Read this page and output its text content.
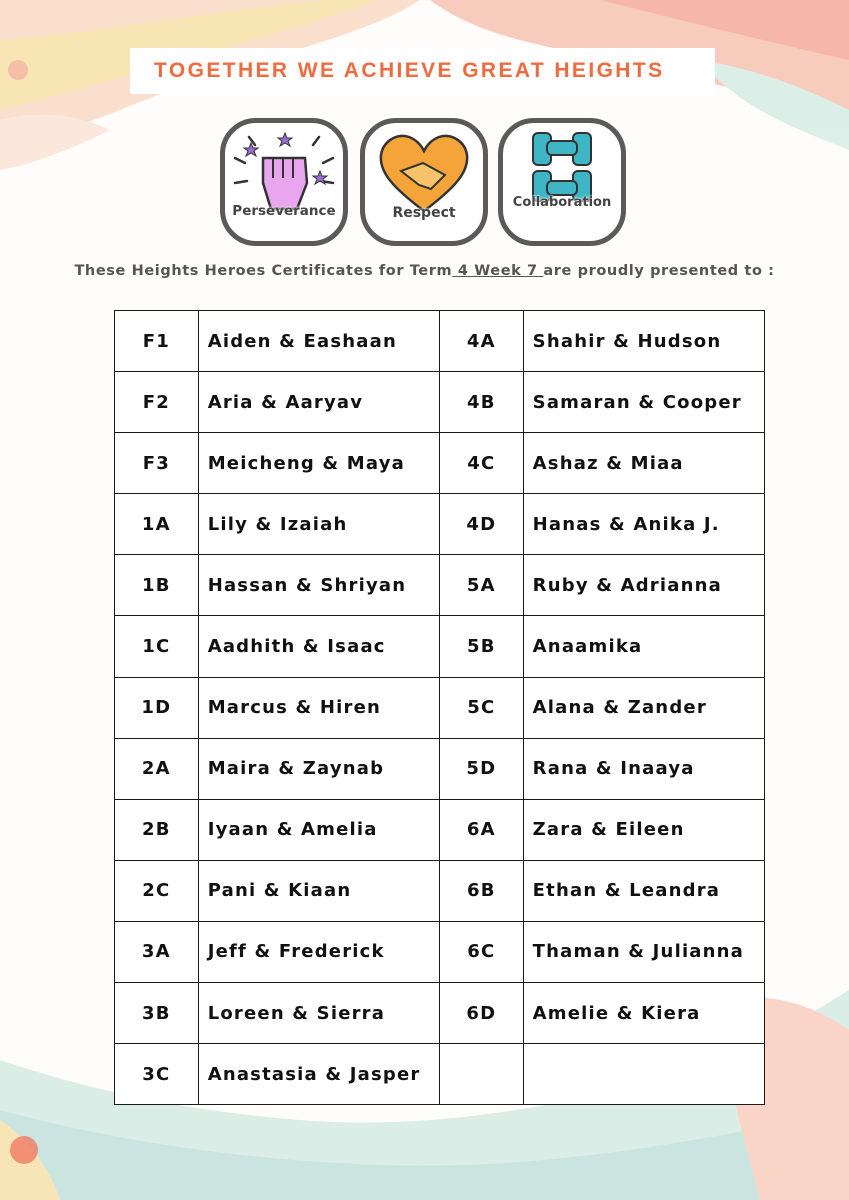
TOGETHER WE ACHIEVE GREAT HEIGHTS
Perseverance	Respect
Collaboration
These Heights Heroes Certificates for Term 4 Week 7 are proudly presented to :
F1	Aiden & Eashaan	4A	Shahir & Hudson
F2	Aria & Aaryav	4B	Samaran & Cooper
F3	Meicheng & Maya	4C	Ashaz & Miaa
1A	Lily & Izaiah	4D	Hanas & Anika J.
1B	Hassan & Shriyan	5A	Ruby & Adrianna
1C	Aadhith & Isaac	5B	Anaamika
1D	Marcus & Hiren	5C	Alana & Zander
2A	Maira & Zaynab	5D	Rana & Inaaya
2B	Iyaan & Amelia	6A	Zara & Eileen
2C	Pani & Kiaan	6B	Ethan & Leandra
3A	Jeff & Frederick	6C	Thaman & Julianna
3B	Loreen & Sierra	6D	Amelie & Kiera
3C	Anastasia & Jasper		
